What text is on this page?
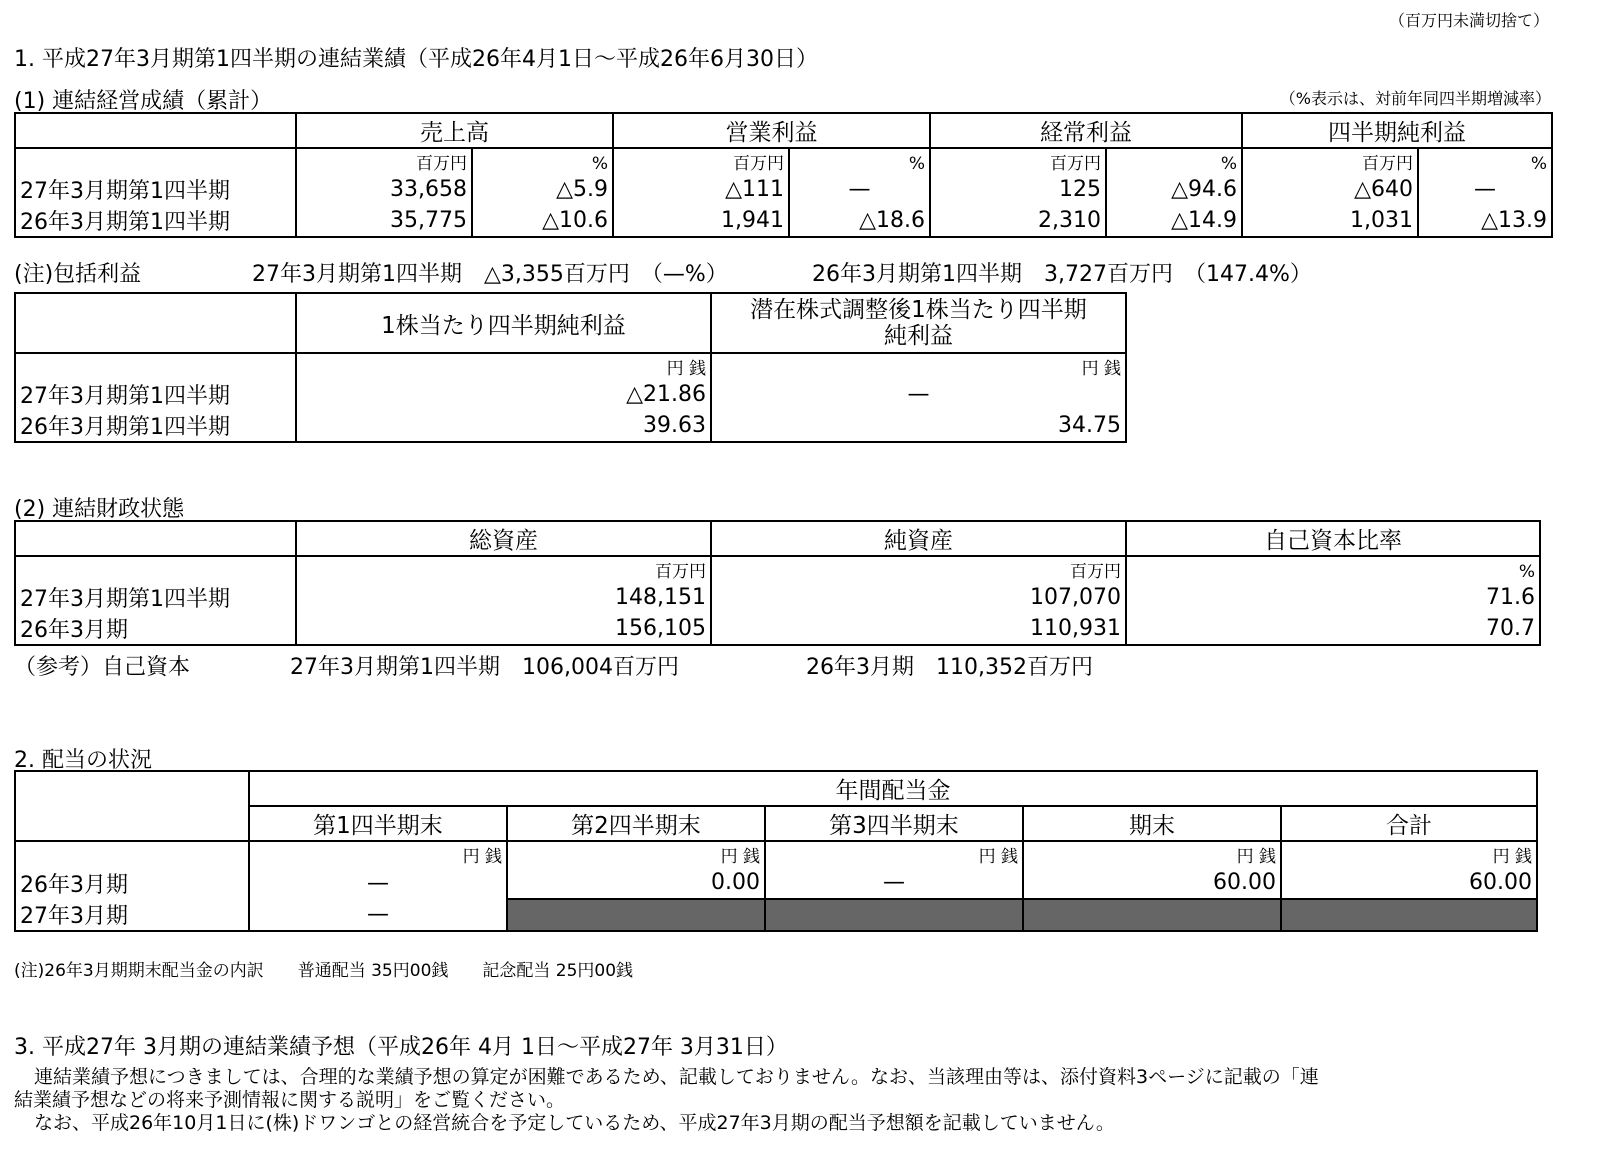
（百万円未満切捨て）
1. 平成27年3月期第1四半期の連結業績（平成26年4月1日～平成26年6月30日）
(1) 連結経営成績（累計）	（%表示は、対前年同四半期増減率）
	売上高		営業利益		経常利益		四半期純利益	
	百万円	%	百万円	%	百万円	%	百万円	%
27年3月期第1四半期	33,658	△5.9	△111	—	125	△94.6	△640	—
26年3月期第1四半期	35,775	△10.6	1,941	△18.6	2,310	△14.9	1,031	△13.9
(注)包括利益	27年3月期第1四半期　△3,355百万円　（—%）	26年3月期第1四半期　3,727百万円　（147.4%）
	1株当たり四半期純利益	潜在株式調整後1株当たり四半期
純利益
	円 銭	円 銭
27年3月期第1四半期	△21.86	—
26年3月期第1四半期	39.63	34.75
(2) 連結財政状態
	総資産	純資産	自己資本比率
	百万円	百万円	%
27年3月期第1四半期	148,151	107,070	71.6
26年3月期	156,105	110,931	70.7
（参考）自己資本	27年3月期第1四半期　106,004百万円	26年3月期　110,352百万円
2. 配当の状況
	年間配当金				
	第1四半期末	第2四半期末	第3四半期末	期末	合計
	円 銭	円 銭	円 銭	円 銭	円 銭
26年3月期	—	0.00	—	60.00	60.00
27年3月期	—				
(注)26年3月期期末配当金の内訳　　普通配当 35円00銭　　記念配当 25円00銭
3. 平成27年 3月期の連結業績予想（平成26年 4月 1日～平成27年 3月31日）
連結業績予想につきましては、合理的な業績予想の算定が困難であるため、記載しておりません。なお、当該理由等は、添付資料3ページに記載の「連
結業績予想などの将来予測情報に関する説明」をご覧ください。
なお、平成26年10月1日に(株)ドワンゴとの経営統合を予定しているため、平成27年3月期の配当予想額を記載していません。
